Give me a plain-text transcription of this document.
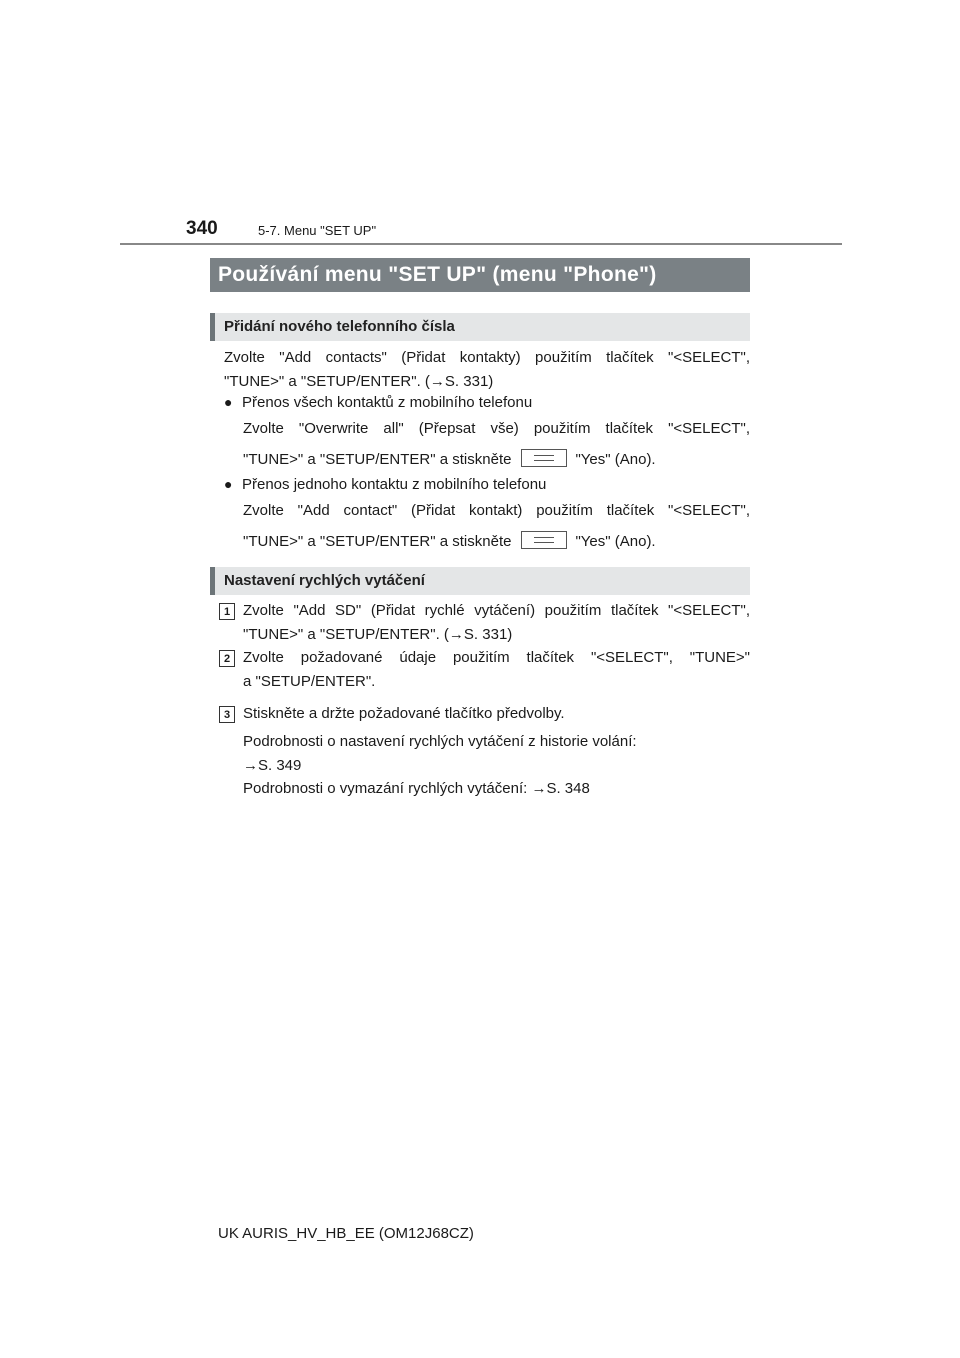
340	5-7. Menu "SET UP"
Používání menu "SET UP" (menu "Phone")
Přidání nového telefonního čísla
Zvolte "Add contacts" (Přidat kontakty) použitím tlačítek "<SELECT",
"TUNE>" a "SETUP/ENTER". (→S. 331)
● Přenos všech kontaktů z mobilního telefonu
Zvolte "Overwrite all" (Přepsat vše) použitím tlačítek "<SELECT",
"TUNE>" a "SETUP/ENTER" a stiskněte	"Yes" (Ano).
● Přenos jednoho kontaktu z mobilního telefonu
Zvolte "Add contact" (Přidat kontakt) použitím tlačítek "<SELECT",
"TUNE>" a "SETUP/ENTER" a stiskněte	"Yes" (Ano).
Nastavení rychlých vytáčení
1 Zvolte "Add SD" (Přidat rychlé vytáčení) použitím tlačítek "<SELECT",
"TUNE>" a "SETUP/ENTER". (→S. 331)
2 Zvolte požadované údaje použitím tlačítek "<SELECT", "TUNE>"
a "SETUP/ENTER".
3 Stiskněte a držte požadované tlačítko předvolby.
Podrobnosti o nastavení rychlých vytáčení z historie volání:
→S. 349
Podrobnosti o vymazání rychlých vytáčení: →S. 348
UK AURIS_HV_HB_EE (OM12J68CZ)
